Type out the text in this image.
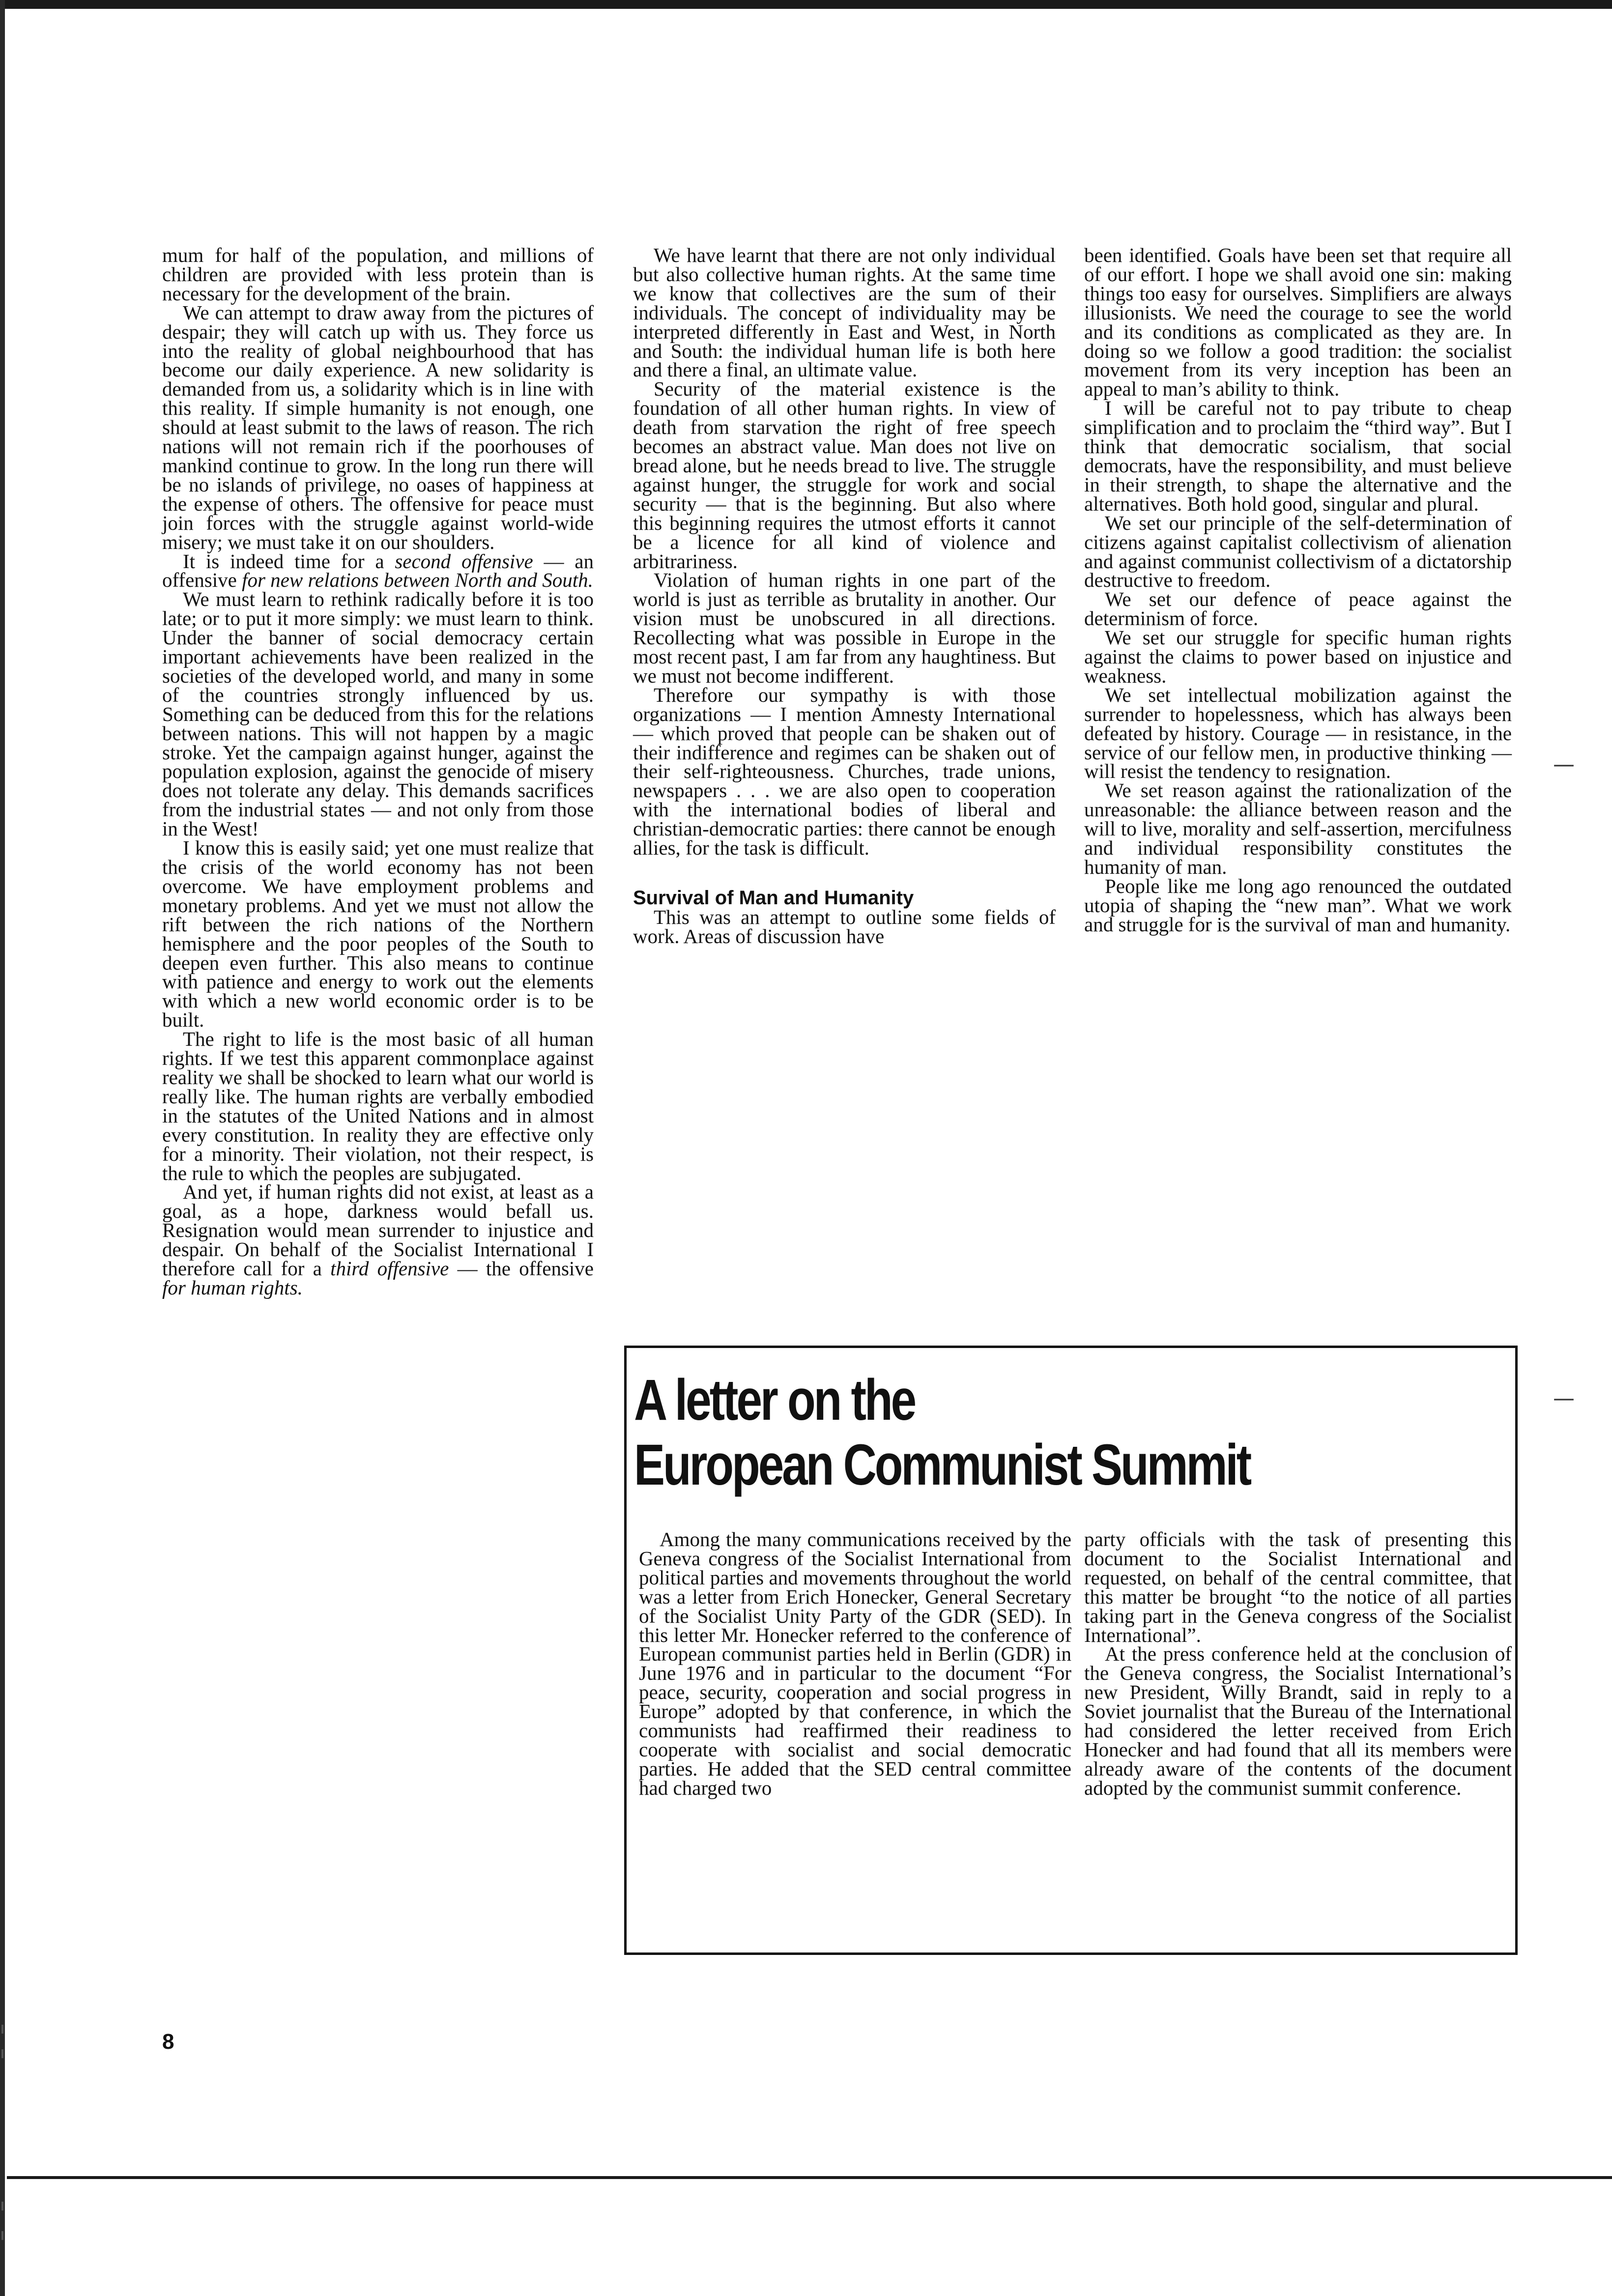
mum for half of the population, and millions of children are provided with less protein than is necessary for the development of the brain.

We can attempt to draw away from the pictures of despair; they will catch up with us. They force us into the reality of global neighbourhood that has become our daily experience. A new solidarity is demanded from us, a solidarity which is in line with this reality. If simple humanity is not enough, one should at least submit to the laws of reason. The rich nations will not remain rich if the poorhouses of mankind continue to grow. In the long run there will be no islands of privilege, no oases of happiness at the expense of others. The offensive for peace must join forces with the struggle against world-wide misery; we must take it on our shoulders.

It is indeed time for a second offensive — an offensive for new relations between North and South.

We must learn to rethink radically before it is too late; or to put it more simply: we must learn to think. Under the banner of social democracy certain important achievements have been realized in the societies of the developed world, and many in some of the countries strongly influenced by us. Something can be deduced from this for the relations between nations. This will not happen by a magic stroke. Yet the campaign against hunger, against the population explosion, against the genocide of misery does not tolerate any delay. This demands sacrifices from the industrial states — and not only from those in the West!

I know this is easily said; yet one must realize that the crisis of the world economy has not been overcome. We have employment problems and monetary problems. And yet we must not allow the rift between the rich nations of the Northern hemisphere and the poor peoples of the South to deepen even further. This also means to continue with patience and energy to work out the elements with which a new world economic order is to be built.

The right to life is the most basic of all human rights. If we test this apparent commonplace against reality we shall be shocked to learn what our world is really like. The human rights are verbally embodied in the statutes of the United Nations and in almost every constitution. In reality they are effective only for a minority. Their violation, not their respect, is the rule to which the peoples are subjugated.

And yet, if human rights did not exist, at least as a goal, as a hope, darkness would befall us. Resignation would mean surrender to injustice and despair. On behalf of the Socialist International I therefore call for a third offensive — the offensive for human rights.

We have learnt that there are not only individual but also collective human rights. At the same time we know that collectives are the sum of their individuals. The concept of individuality may be interpreted differently in East and West, in North and South: the individual human life is both here and there a final, an ultimate value.

Security of the material existence is the foundation of all other human rights. In view of death from starvation the right of free speech becomes an abstract value. Man does not live on bread alone, but he needs bread to live. The struggle against hunger, the struggle for work and social security — that is the beginning. But also where this beginning requires the utmost efforts it cannot be a licence for all kind of violence and arbitrariness.

Violation of human rights in one part of the world is just as terrible as brutality in another. Our vision must be unobscured in all directions. Recollecting what was possible in Europe in the most recent past, I am far from any haughtiness. But we must not become indifferent.

Therefore our sympathy is with those organizations — I mention Amnesty International — which proved that people can be shaken out of their indifference and regimes can be shaken out of their self-righteousness. Churches, trade unions, newspapers . . . we are also open to cooperation with the international bodies of liberal and christian-democratic parties: there cannot be enough allies, for the task is difficult.

Survival of Man and Humanity

This was an attempt to outline some fields of work. Areas of discussion have

been identified. Goals have been set that require all of our effort. I hope we shall avoid one sin: making things too easy for ourselves. Simplifiers are always illusionists. We need the courage to see the world and its conditions as complicated as they are. In doing so we follow a good tradition: the socialist movement from its very inception has been an appeal to man’s ability to think.

I will be careful not to pay tribute to cheap simplification and to proclaim the “third way”. But I think that democratic socialism, that social democrats, have the responsibility, and must believe in their strength, to shape the alternative and the alternatives. Both hold good, singular and plural.

We set our principle of the self-determination of citizens against capitalist collectivism of alienation and against communist collectivism of a dictatorship destructive to freedom.

We set our defence of peace against the determinism of force.

We set our struggle for specific human rights against the claims to power based on injustice and weakness.

We set intellectual mobilization against the surrender to hopelessness, which has always been defeated by history. Courage — in resistance, in the service of our fellow men, in productive thinking — will resist the tendency to resignation.

We set reason against the rationalization of the unreasonable: the alliance between reason and the will to live, morality and self-assertion, mercifulness and individual responsibility constitutes the humanity of man.

People like me long ago renounced the outdated utopia of shaping the “new man”. What we work and struggle for is the survival of man and humanity.

A letter on the
European Communist Summit

Among the many communications received by the Geneva congress of the Socialist International from political parties and movements throughout the world was a letter from Erich Honecker, General Secretary of the Socialist Unity Party of the GDR (SED). In this letter Mr. Honecker referred to the conference of European communist parties held in Berlin (GDR) in June 1976 and in particular to the document “For peace, security, cooperation and social progress in Europe” adopted by that conference, in which the communists had reaffirmed their readiness to cooperate with socialist and social democratic parties. He added that the SED central committee had charged two

party officials with the task of presenting this document to the Socialist International and requested, on behalf of the central committee, that this matter be brought “to the notice of all parties taking part in the Geneva congress of the Socialist International”.

At the press conference held at the conclusion of the Geneva congress, the Socialist International’s new President, Willy Brandt, said in reply to a Soviet journalist that the Bureau of the International had considered the letter received from Erich Honecker and had found that all its members were already aware of the contents of the document adopted by the communist summit conference.

8
—
—
